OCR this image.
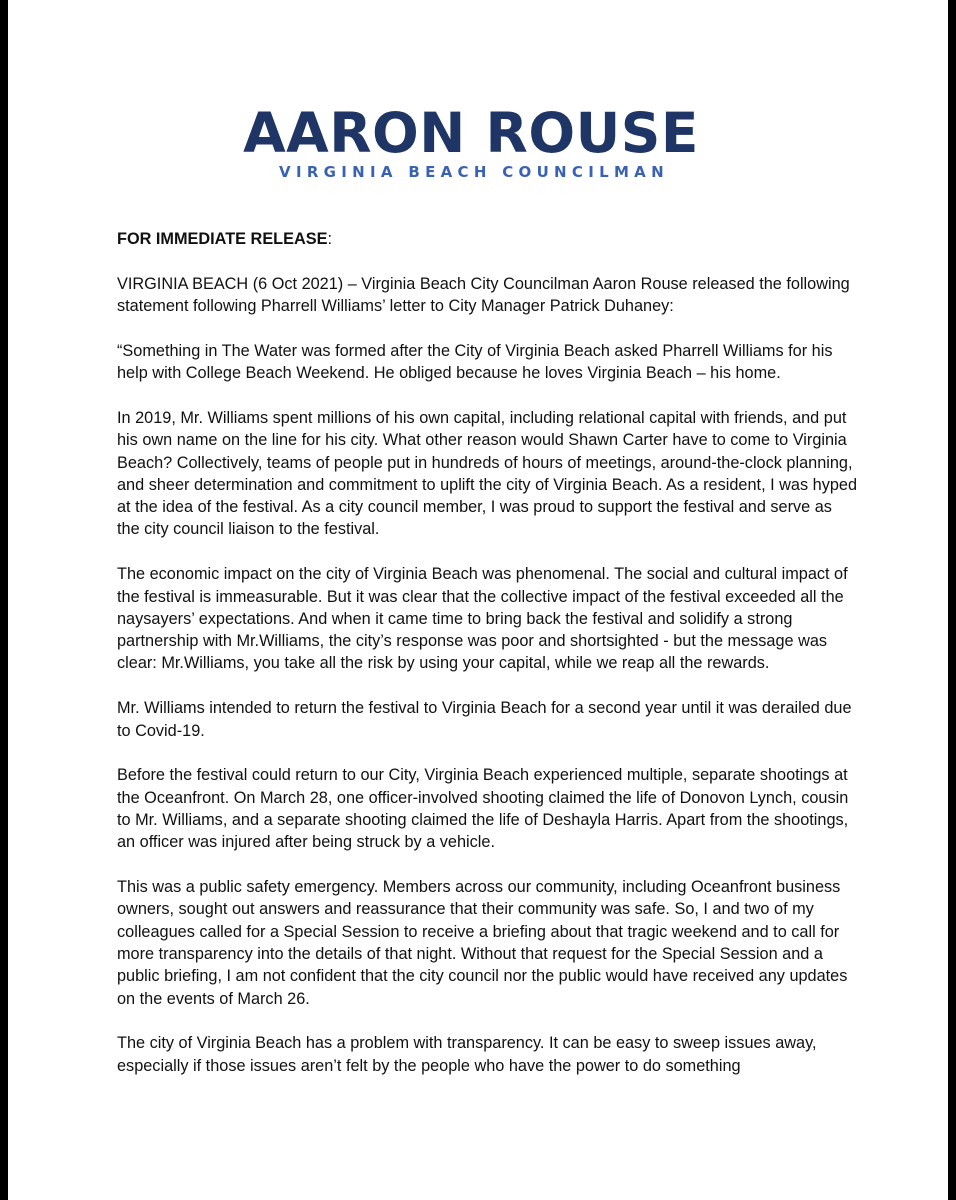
AARON ROUSE
VIRGINIA BEACH COUNCILMAN

FOR IMMEDIATE RELEASE:

VIRGINIA BEACH (6 Oct 2021) – Virginia Beach City Councilman Aaron Rouse released the following statement following Pharrell Williams’ letter to City Manager Patrick Duhaney:

“Something in The Water was formed after the City of Virginia Beach asked Pharrell Williams for his help with College Beach Weekend. He obliged because he loves Virginia Beach – his home.

In 2019, Mr. Williams spent millions of his own capital, including relational capital with friends, and put his own name on the line for his city. What other reason would Shawn Carter have to come to Virginia Beach? Collectively, teams of people put in hundreds of hours of meetings, around-the-clock planning, and sheer determination and commitment to uplift the city of Virginia Beach. As a resident, I was hyped at the idea of the festival. As a city council member, I was proud to support the festival and serve as the city council liaison to the festival.

The economic impact on the city of Virginia Beach was phenomenal. The social and cultural impact of the festival is immeasurable. But it was clear that the collective impact of the festival exceeded all the naysayers’ expectations. And when it came time to bring back the festival and solidify a strong partnership with Mr.Williams, the city’s response was poor and shortsighted - but the message was clear: Mr.Williams, you take all the risk by using your capital, while we reap all the rewards.

Mr. Williams intended to return the festival to Virginia Beach for a second year until it was derailed due to Covid-19.

Before the festival could return to our City, Virginia Beach experienced multiple, separate shootings at the Oceanfront. On March 28, one officer-involved shooting claimed the life of Donovon Lynch, cousin to Mr. Williams, and a separate shooting claimed the life of Deshayla Harris. Apart from the shootings, an officer was injured after being struck by a vehicle.

This was a public safety emergency. Members across our community, including Oceanfront business owners, sought out answers and reassurance that their community was safe. So, I and two of my colleagues called for a Special Session to receive a briefing about that tragic weekend and to call for more transparency into the details of that night. Without that request for the Special Session and a public briefing, I am not confident that the city council nor the public would have received any updates on the events of March 26.

The city of Virginia Beach has a problem with transparency. It can be easy to sweep issues away, especially if those issues aren’t felt by the people who have the power to do something
